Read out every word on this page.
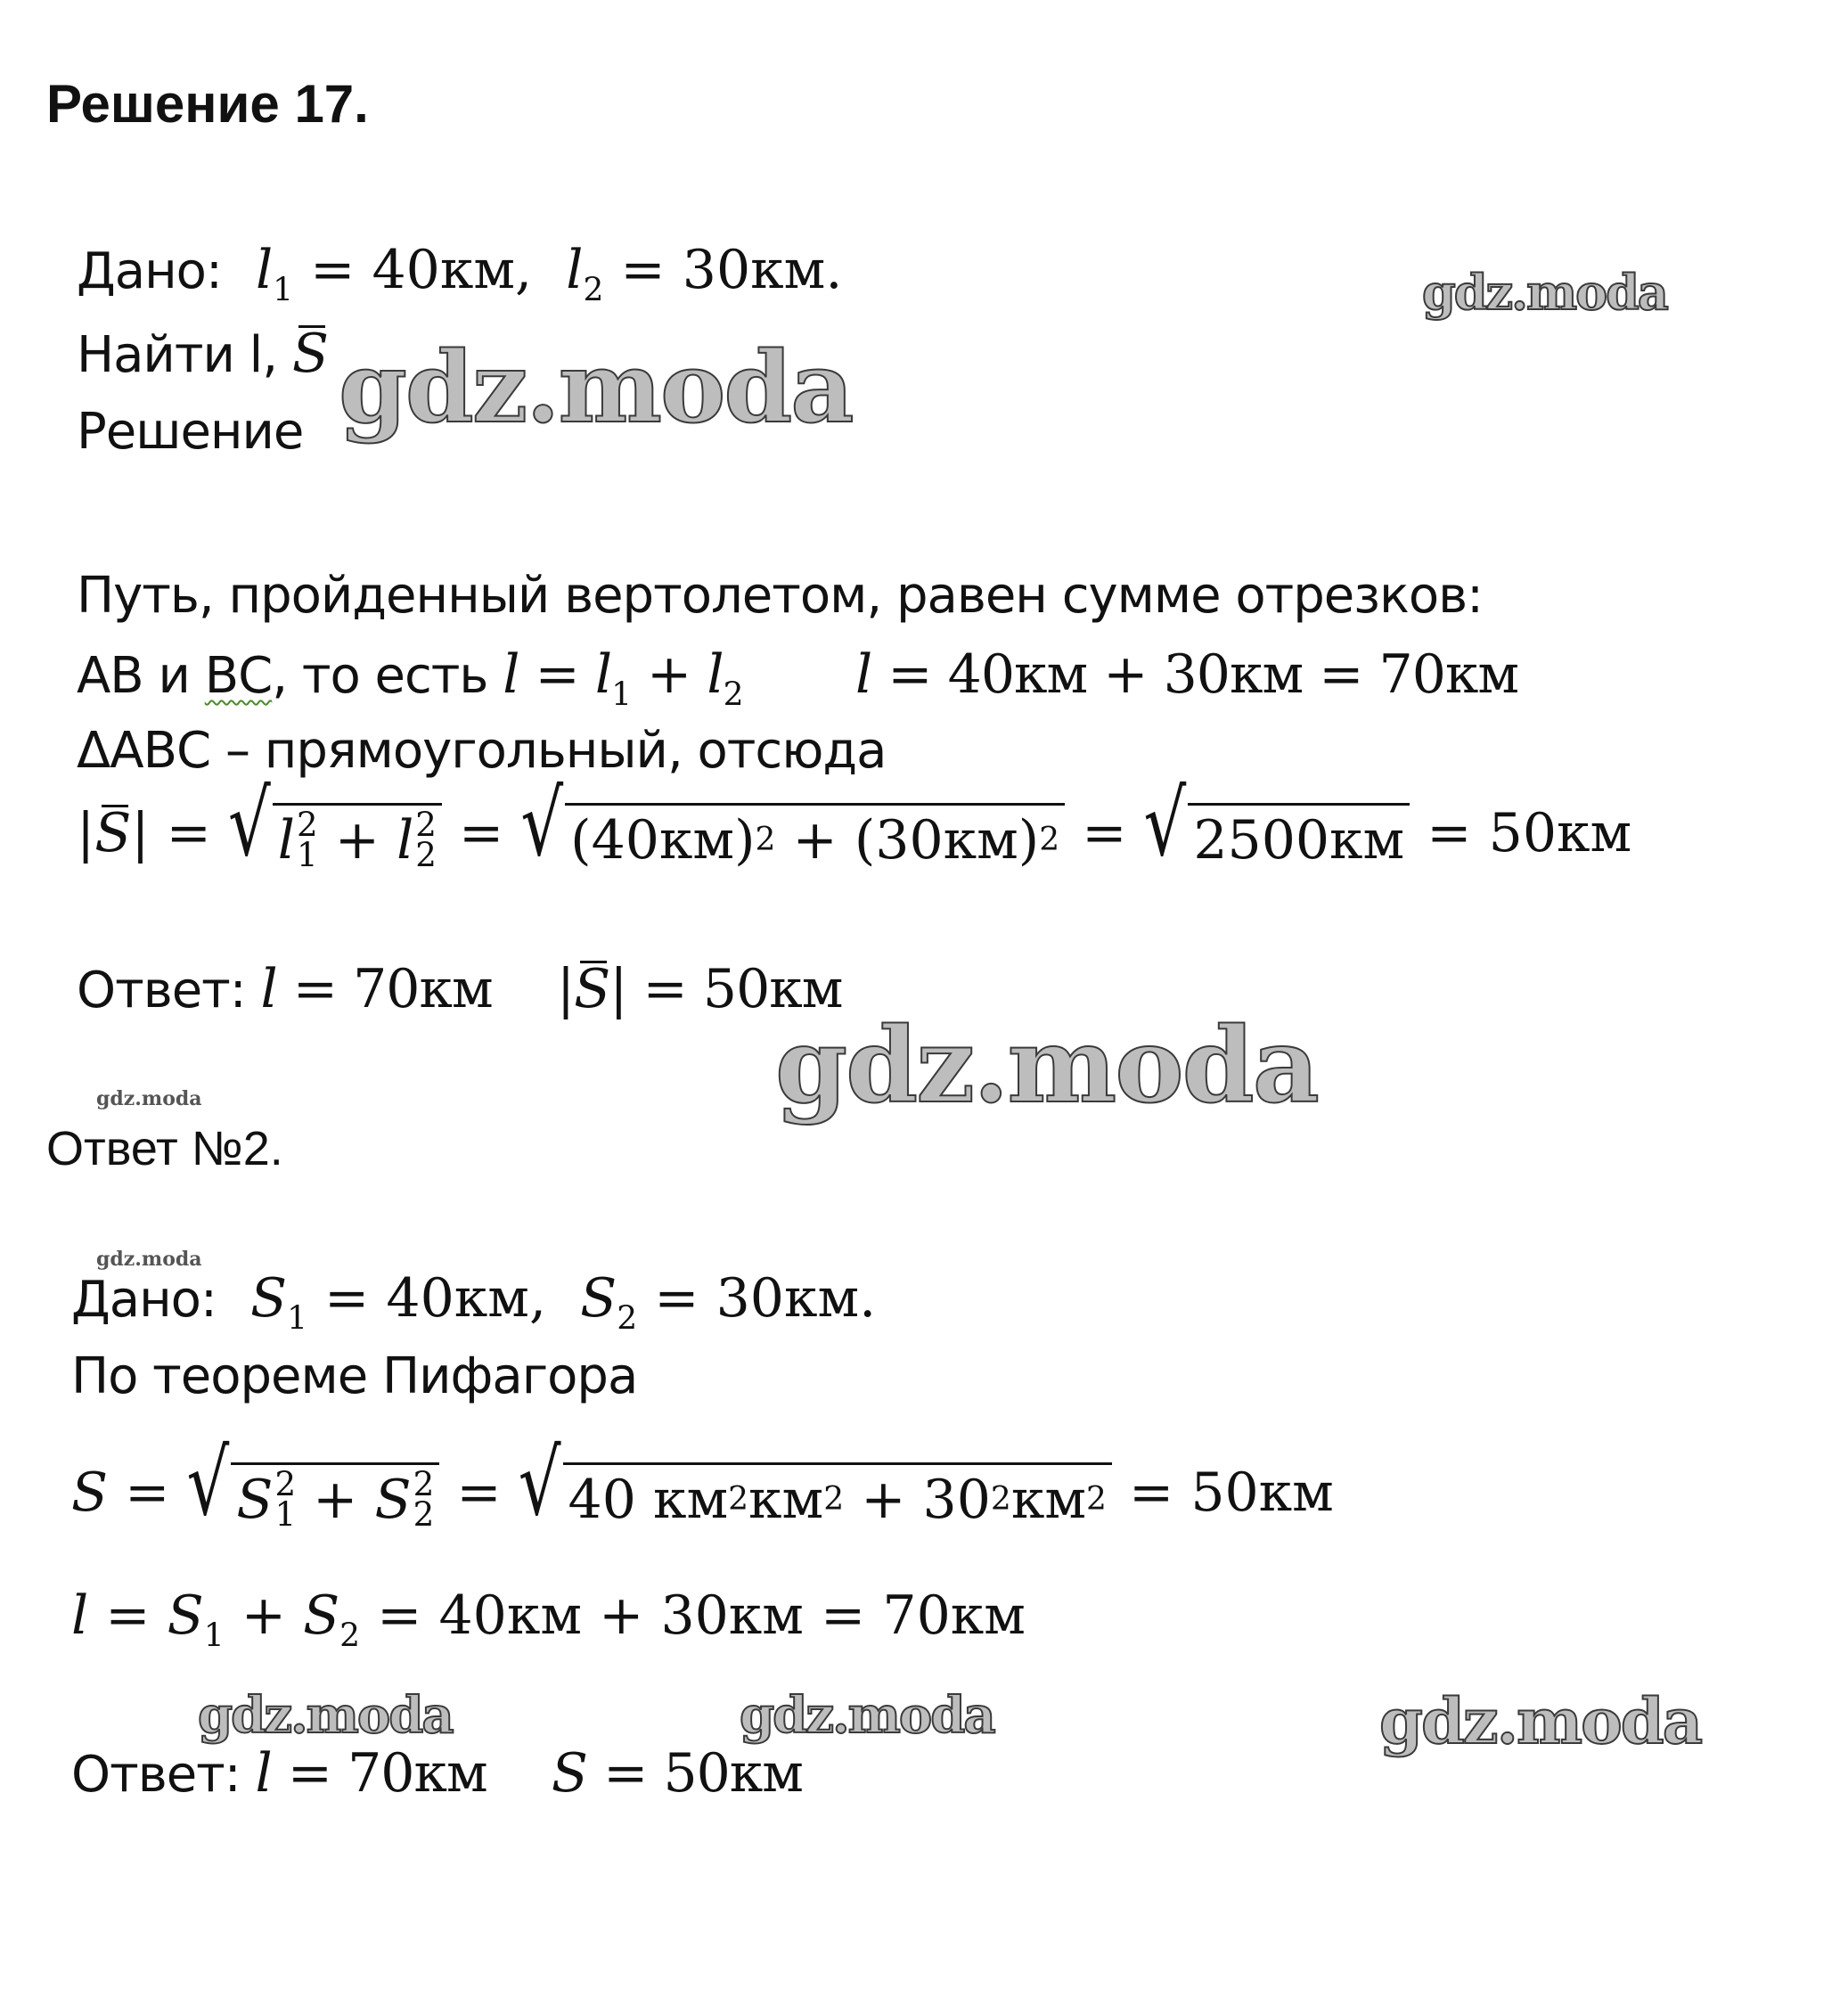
Решение 17.
Дано: $l_1 = 40км$,  $l_2 = 30км$.
Найти l, S
Решение
Путь, пройденный вертолетом, равен сумме отрезков:
АВ и ВС, то есть $l = l_1 + l_2$ l = 40км + 30км = 70км
ΔАВС – прямоугольный, отсюда
|S| = √ l 2
1 + l 2
2 = √ ( 40км ) 2 + ( 30км ) 2 = √ 2500км = 50км
Ответ: l = 70км    |S| = 50км
Ответ №2.
Дано: $S_1 = 40км$,  $S_2 = 30км$.
По теореме Пифагора
S = √ S 2
1 + S 2
2 = √ 40
км 2 км 2 + 30 2 км 2 = 50км
$l = S_1 + S_2 = 40км + 30км = 70км$
Ответ: l = 70км S = 50км
gdz.moda
gdz.moda
gdz.moda
gdz.moda
gdz.moda
gdz.moda	gdz.moda	gdz.moda
